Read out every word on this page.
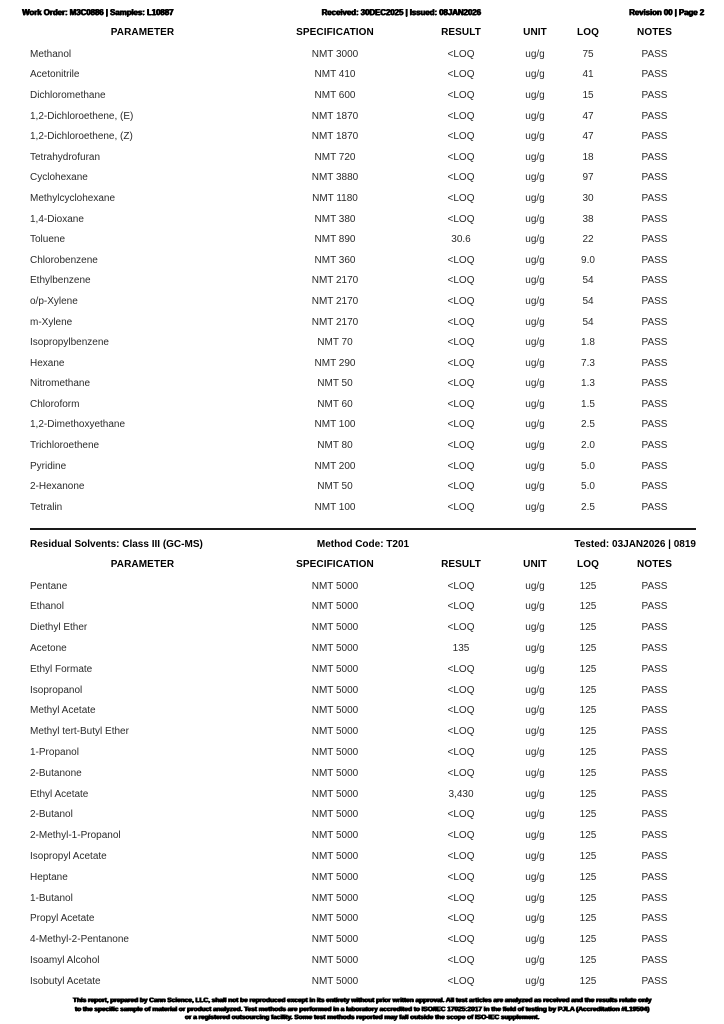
Work Order: M3C0886 | Samples: L10887	Received: 30DEC2025 | Issued: 08JAN2026	Revision 00 | Page 2
PARAMETER	SPECIFICATION	RESULT	UNIT	LOQ	NOTES
Methanol	NMT 3000	<LOQ	ug/g	75	PASS
Acetonitrile	NMT 410	<LOQ	ug/g	41	PASS
Dichloromethane	NMT 600	<LOQ	ug/g	15	PASS
1,2-Dichloroethene, (E)	NMT 1870	<LOQ	ug/g	47	PASS
1,2-Dichloroethene, (Z)	NMT 1870	<LOQ	ug/g	47	PASS
Tetrahydrofuran	NMT 720	<LOQ	ug/g	18	PASS
Cyclohexane	NMT 3880	<LOQ	ug/g	97	PASS
Methylcyclohexane	NMT 1180	<LOQ	ug/g	30	PASS
1,4-Dioxane	NMT 380	<LOQ	ug/g	38	PASS
Toluene	NMT 890	30.6	ug/g	22	PASS
Chlorobenzene	NMT 360	<LOQ	ug/g	9.0	PASS
Ethylbenzene	NMT 2170	<LOQ	ug/g	54	PASS
o/p-Xylene	NMT 2170	<LOQ	ug/g	54	PASS
m-Xylene	NMT 2170	<LOQ	ug/g	54	PASS
Isopropylbenzene	NMT 70	<LOQ	ug/g	1.8	PASS
Hexane	NMT 290	<LOQ	ug/g	7.3	PASS
Nitromethane	NMT 50	<LOQ	ug/g	1.3	PASS
Chloroform	NMT 60	<LOQ	ug/g	1.5	PASS
1,2-Dimethoxyethane	NMT 100	<LOQ	ug/g	2.5	PASS
Trichloroethene	NMT 80	<LOQ	ug/g	2.0	PASS
Pyridine	NMT 200	<LOQ	ug/g	5.0	PASS
2-Hexanone	NMT 50	<LOQ	ug/g	5.0	PASS
Tetralin	NMT 100	<LOQ	ug/g	2.5	PASS
Residual Solvents: Class III (GC-MS)	Method Code: T201	Tested: 03JAN2026 | 0819
PARAMETER	SPECIFICATION	RESULT	UNIT	LOQ	NOTES
Pentane	NMT 5000	<LOQ	ug/g	125	PASS
Ethanol	NMT 5000	<LOQ	ug/g	125	PASS
Diethyl Ether	NMT 5000	<LOQ	ug/g	125	PASS
Acetone	NMT 5000	135	ug/g	125	PASS
Ethyl Formate	NMT 5000	<LOQ	ug/g	125	PASS
Isopropanol	NMT 5000	<LOQ	ug/g	125	PASS
Methyl Acetate	NMT 5000	<LOQ	ug/g	125	PASS
Methyl tert-Butyl Ether	NMT 5000	<LOQ	ug/g	125	PASS
1-Propanol	NMT 5000	<LOQ	ug/g	125	PASS
2-Butanone	NMT 5000	<LOQ	ug/g	125	PASS
Ethyl Acetate	NMT 5000	3,430	ug/g	125	PASS
2-Butanol	NMT 5000	<LOQ	ug/g	125	PASS
2-Methyl-1-Propanol	NMT 5000	<LOQ	ug/g	125	PASS
Isopropyl Acetate	NMT 5000	<LOQ	ug/g	125	PASS
Heptane	NMT 5000	<LOQ	ug/g	125	PASS
1-Butanol	NMT 5000	<LOQ	ug/g	125	PASS
Propyl Acetate	NMT 5000	<LOQ	ug/g	125	PASS
4-Methyl-2-Pentanone	NMT 5000	<LOQ	ug/g	125	PASS
Isoamyl Alcohol	NMT 5000	<LOQ	ug/g	125	PASS
Isobutyl Acetate	NMT 5000	<LOQ	ug/g	125	PASS
This report, prepared by Cann Science, LLC, shall not be reproduced except in its entirety without prior written approval. All test articles are analyzed as received and the results relate only
to the specific sample of material or product analyzed. Test methods are performed in a laboratory accredited to ISO/IEC 17025:2017 in the field of testing by PJLA (Accreditation #L19504)
or a registered outsourcing facility. Some test methods reported may fall outside the scope of ISO-IEC supplement.
